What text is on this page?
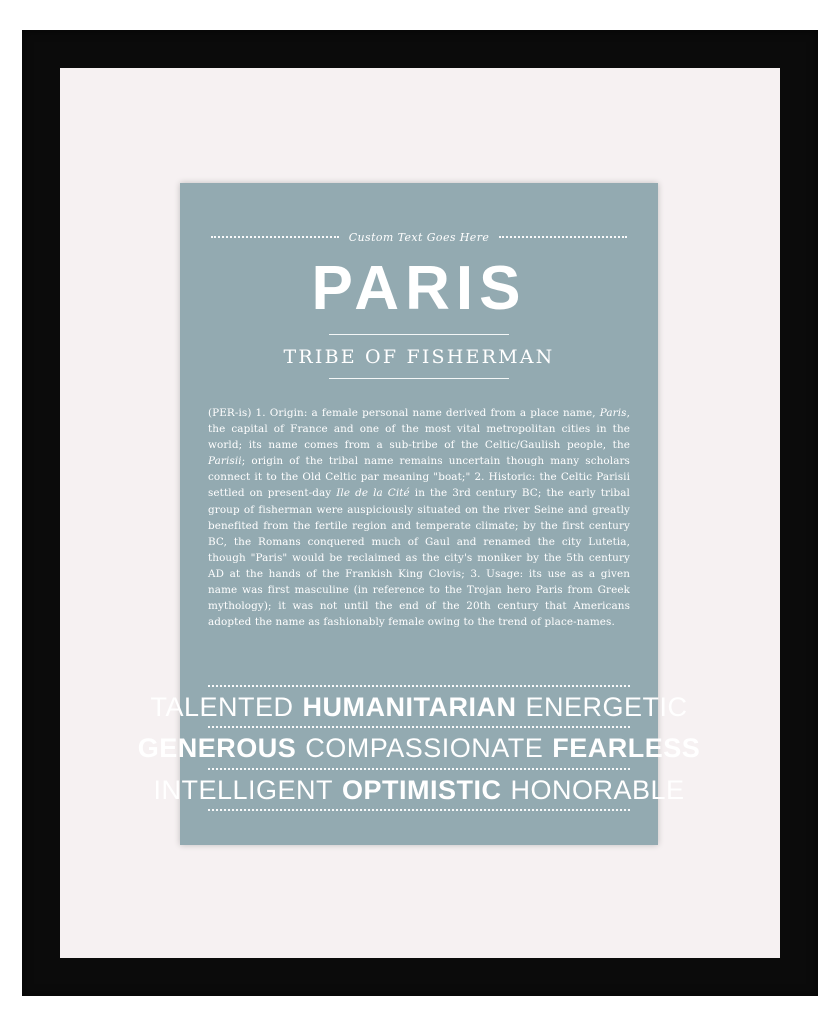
Custom Text Goes Here
PARIS
TRIBE OF FISHERMAN
(PER-is) 1. Origin: a female personal name derived from a place name, Paris, the capital of France and one of the most vital metropolitan cities in the world; its name comes from a sub-tribe of the Celtic/Gaulish people, the Parisii; origin of the tribal name remains uncertain though many scholars connect it to the Old Celtic par meaning "boat;" 2. Historic: the Celtic Parisii settled on present-day Ile de la Cité in the 3rd century BC; the early tribal group of fisherman were auspiciously situated on the river Seine and greatly benefited from the fertile region and temperate climate; by the first century BC, the Romans conquered much of Gaul and renamed the city Lutetia, though "Paris" would be reclaimed as the city's moniker by the 5th century AD at the hands of the Frankish King Clovis; 3. Usage: its use as a given name was first masculine (in reference to the Trojan hero Paris from Greek mythology); it was not until the end of the 20th century that Americans adopted the name as fashionably female owing to the trend of place-names.
TALENTED HUMANITARIAN ENERGETIC
GENEROUS COMPASSIONATE FEARLESS
INTELLIGENT OPTIMISTIC HONORABLE
